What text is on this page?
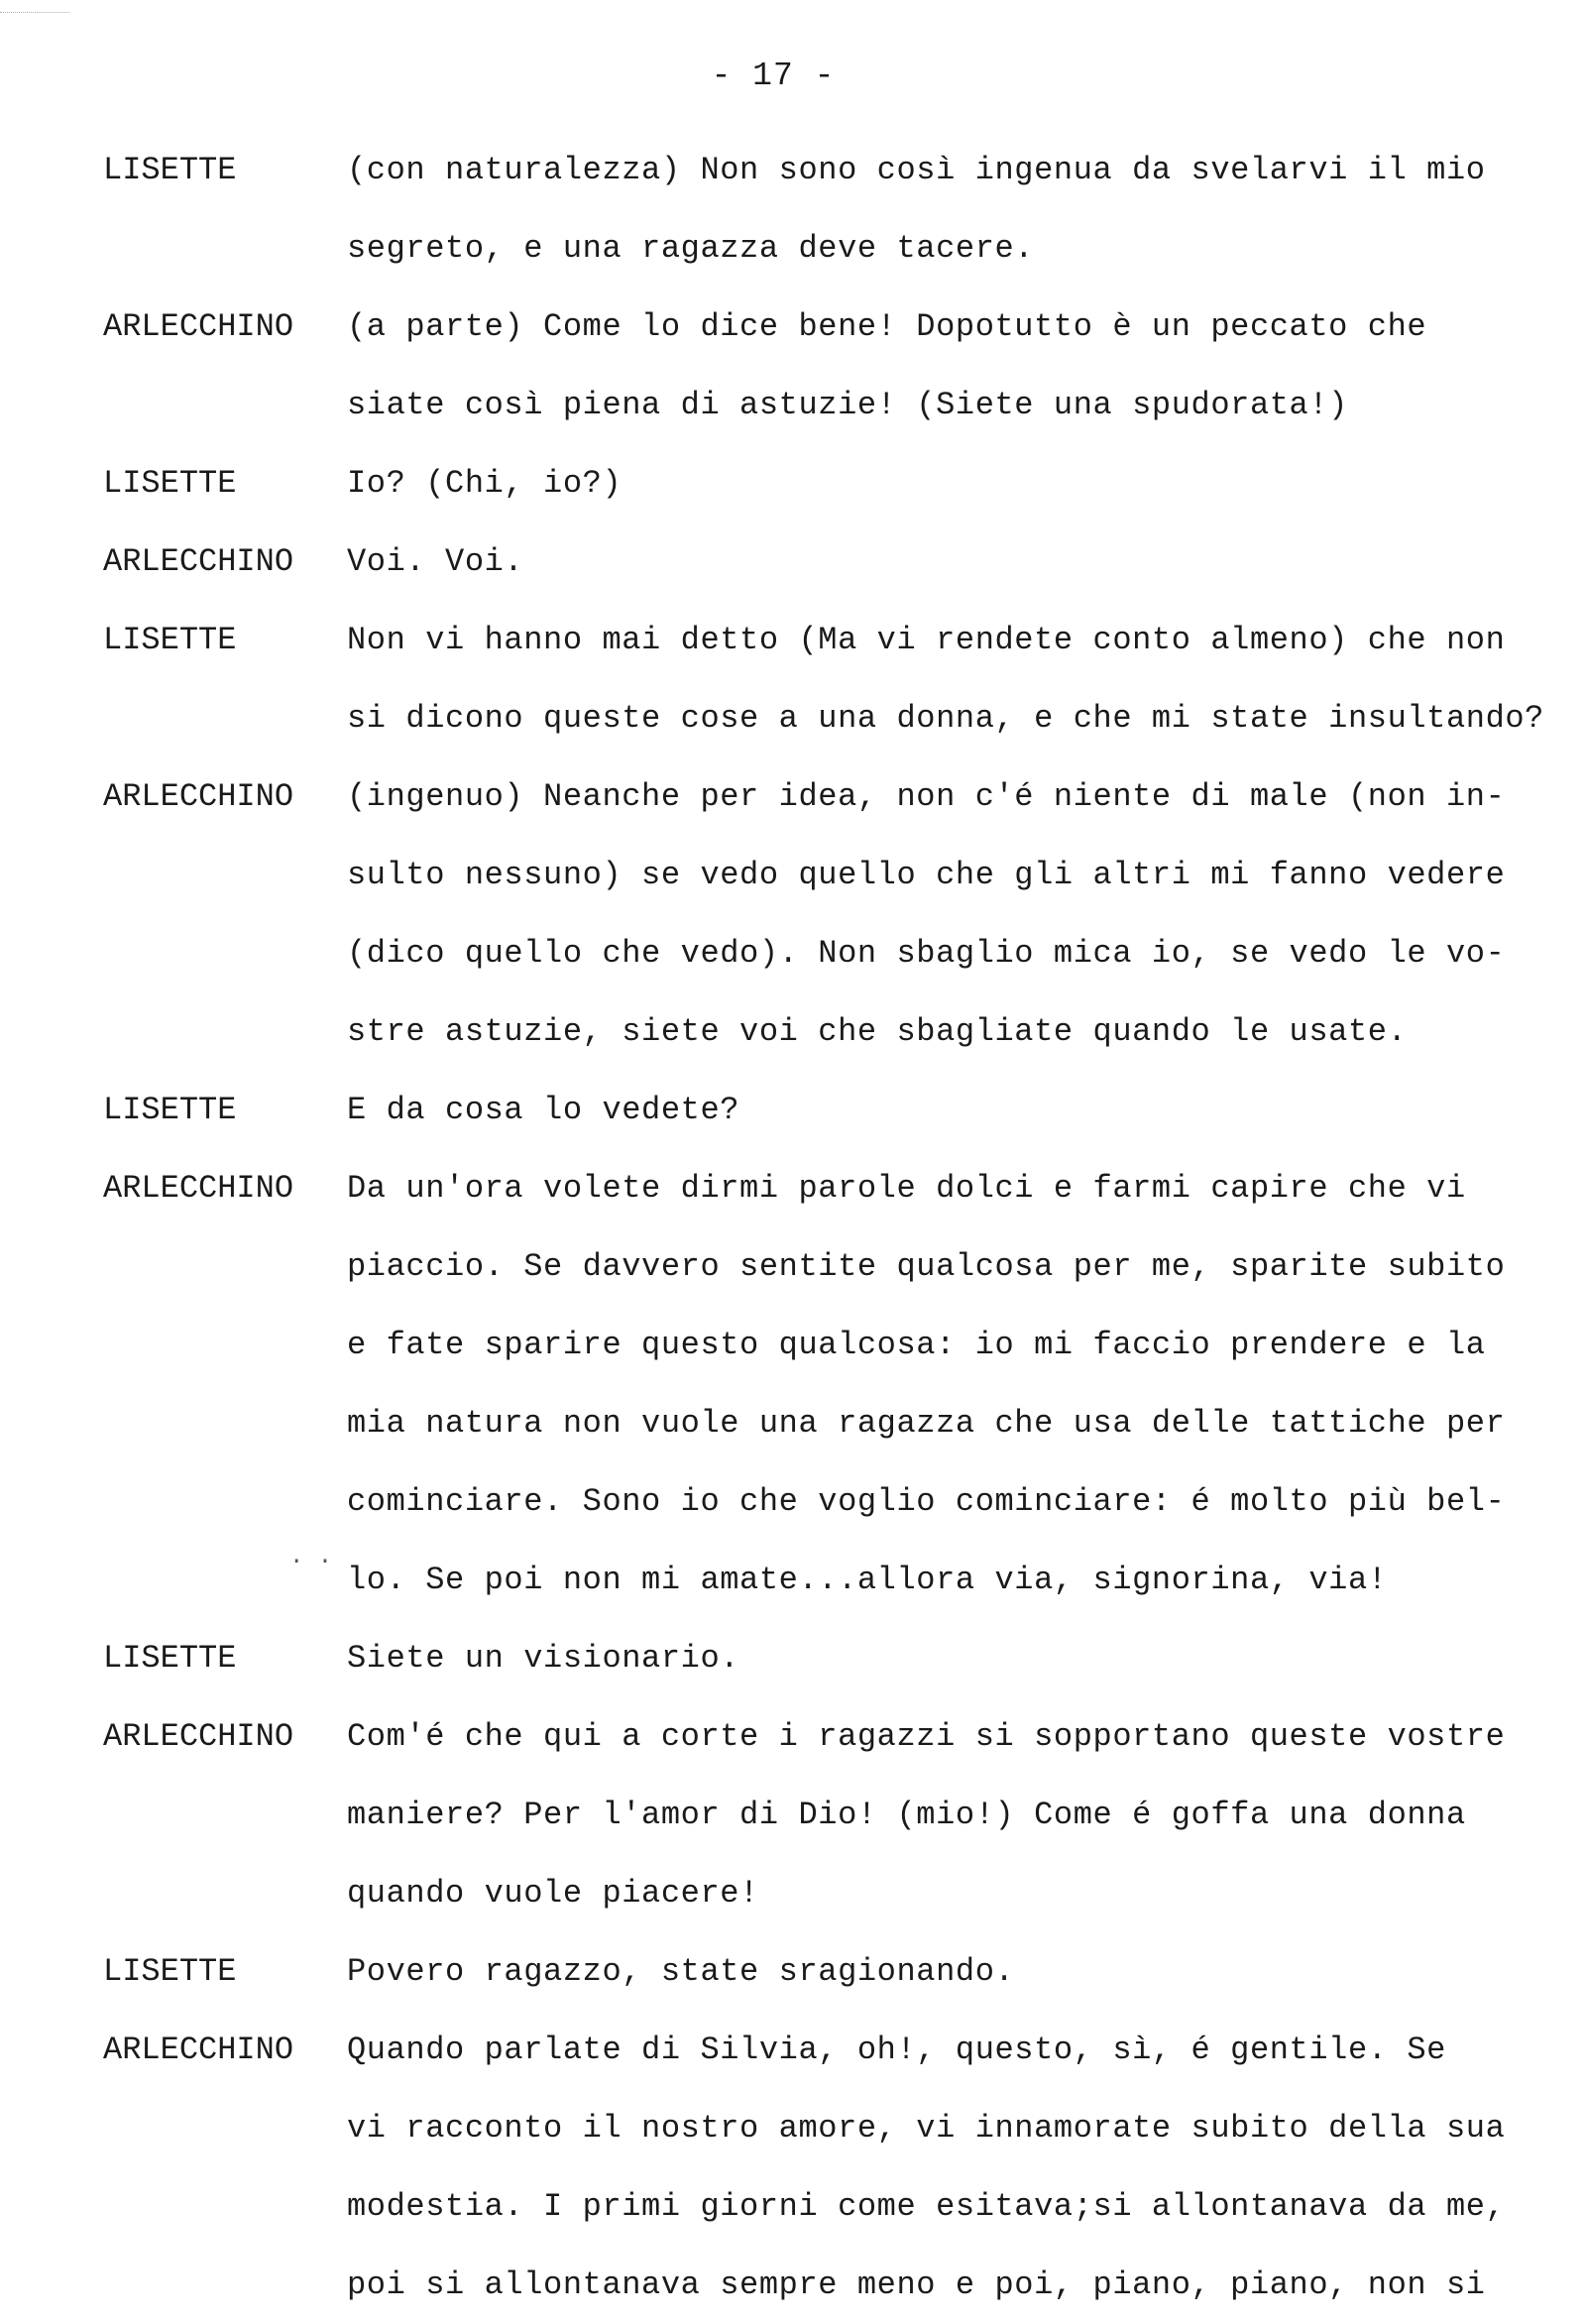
- 17 -
LISETTE	(con naturalezza) Non sono così ingenua da svelarvi il mio
segreto, e una ragazza deve tacere.
ARLECCHINO	(a parte) Come lo dice bene! Dopotutto è un peccato che
siate così piena di astuzie! (Siete una spudorata!)
LISETTE	Io? (Chi, io?)
ARLECCHINO	Voi. Voi.
LISETTE	Non vi hanno mai detto (Ma vi rendete conto almeno) che non
si dicono queste cose a una donna, e che mi state insultando?
ARLECCHINO	(ingenuo) Neanche per idea, non c'é niente di male (non in-
sulto nessuno) se vedo quello che gli altri mi fanno vedere
(dico quello che vedo). Non sbaglio mica io, se vedo le vo-
stre astuzie, siete voi che sbagliate quando le usate.
LISETTE	E da cosa lo vedete?
ARLECCHINO	Da un'ora volete dirmi parole dolci e farmi capire che vi
piaccio. Se davvero sentite qualcosa per me, sparite subito
e fate sparire questo qualcosa: io mi faccio prendere e la
mia natura non vuole una ragazza che usa delle tattiche per
cominciare. Sono io che voglio cominciare: é molto più bel-
lo. Se poi non mi amate...allora via, signorina, via!
LISETTE	Siete un visionario.
ARLECCHINO	Com'é che qui a corte i ragazzi si sopportano queste vostre
maniere? Per l'amor di Dio! (mio!) Come é goffa una donna
quando vuole piacere!
LISETTE	Povero ragazzo, state sragionando.
ARLECCHINO	Quando parlate di Silvia, oh!, questo, sì, é gentile. Se
vi racconto il nostro amore, vi innamorate subito della sua
modestia. I primi giorni come esitava;si allontanava da me,
poi si allontanava sempre meno e poi, piano, piano, non si
· ·
